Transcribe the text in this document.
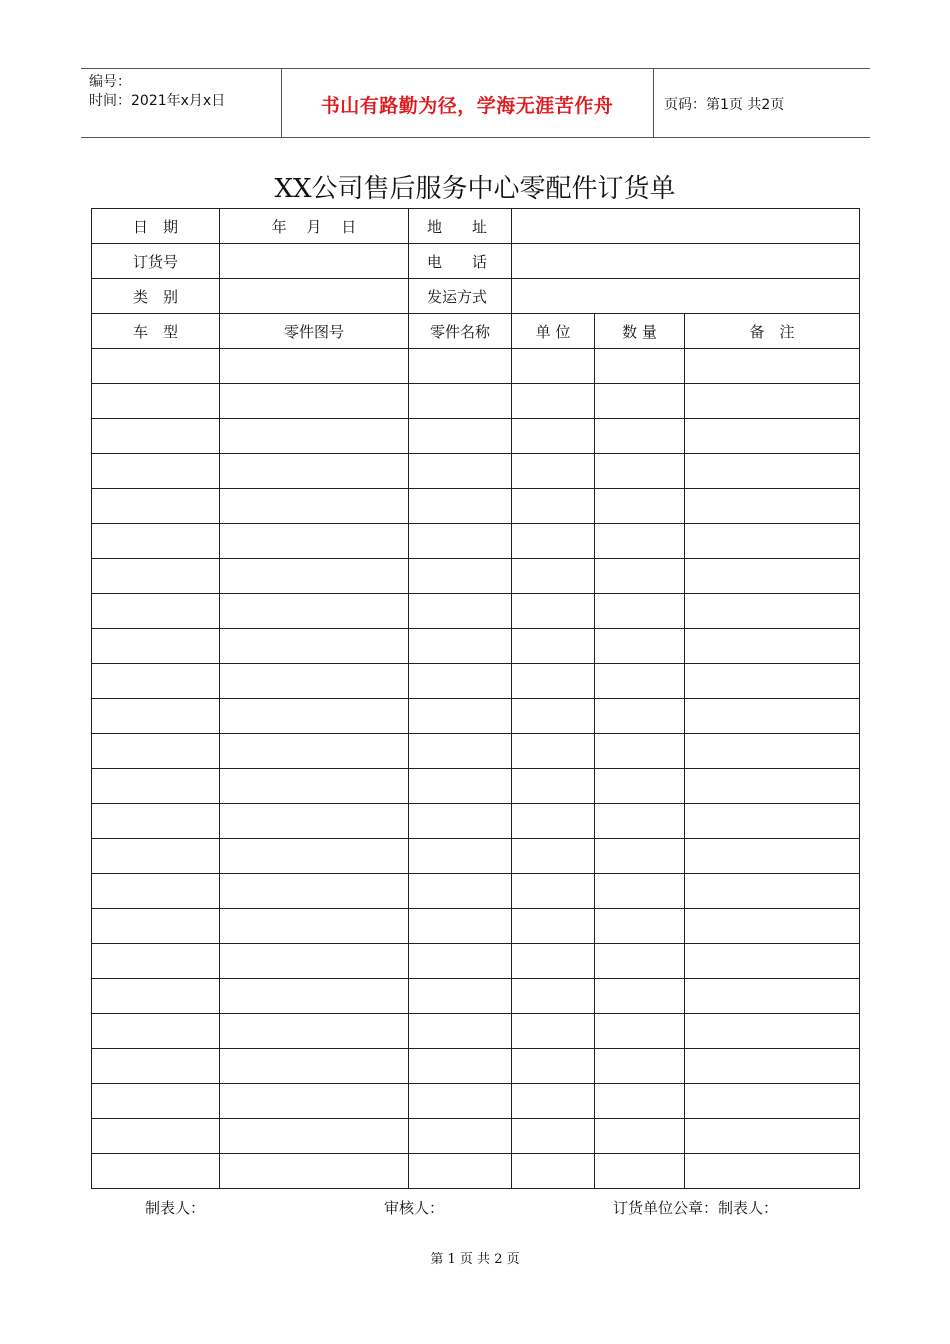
编号：
时间：2021年x月x日	书山有路勤为径，学海无涯苦作舟	页码：第1页 共2页
XX公司售后服务中心零配件订货单
日　期	年　 月　 日	地　　址			
订货号		电　　话			
类　别		发运方式			
车　型	零件图号	零件名称	单 位	数 量	备　注

制表人：	审核人：	订货单位公章：制表人：
第 1 页 共 2 页
